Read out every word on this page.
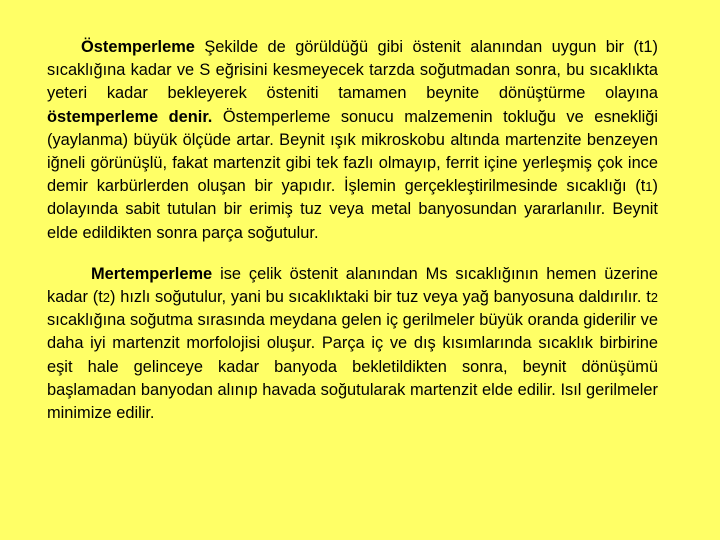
Östemperleme Şekilde de görüldüğü gibi östenit alanından uygun bir (t1) sıcaklığına kadar ve S eğrisini kesmeyecek tarzda soğutmadan sonra, bu sıcaklıkta yeteri kadar bekleyerek östeniti tamamen beynite dönüştürme olayına östemperleme denir. Östemperleme sonucu malzemenin tokluğu ve esnekliği (yaylanma) büyük ölçüde artar. Beynit ışık mikroskobu altında martenzite benzeyen iğneli görünüşlü, fakat martenzit gibi tek fazlı olmayıp, ferrit içine yerleşmiş çok ince demir karbürlerden oluşan bir yapıdır. İşlemin gerçekleştirilmesinde sıcaklığı (t1) dolayında sabit tutulan bir erimiş tuz veya metal banyosundan yararlanılır. Beynit elde edildikten sonra parça soğutulur.

Mertemperleme ise çelik östenit alanından Ms sıcaklığının hemen üzerine kadar (t2) hızlı soğutulur, yani bu sıcaklıktaki bir tuz veya yağ banyosuna daldırılır. t2 sıcaklığına soğutma sırasında meydana gelen iç gerilmeler büyük oranda giderilir ve daha iyi martenzit morfolojisi oluşur. Parça iç ve dış kısımlarında sıcaklık birbirine eşit hale gelinceye kadar banyoda bekletildikten sonra, beynit dönüşümü başlamadan banyodan alınıp havada soğutularak martenzit elde edilir. Isıl gerilmeler minimize edilir.
